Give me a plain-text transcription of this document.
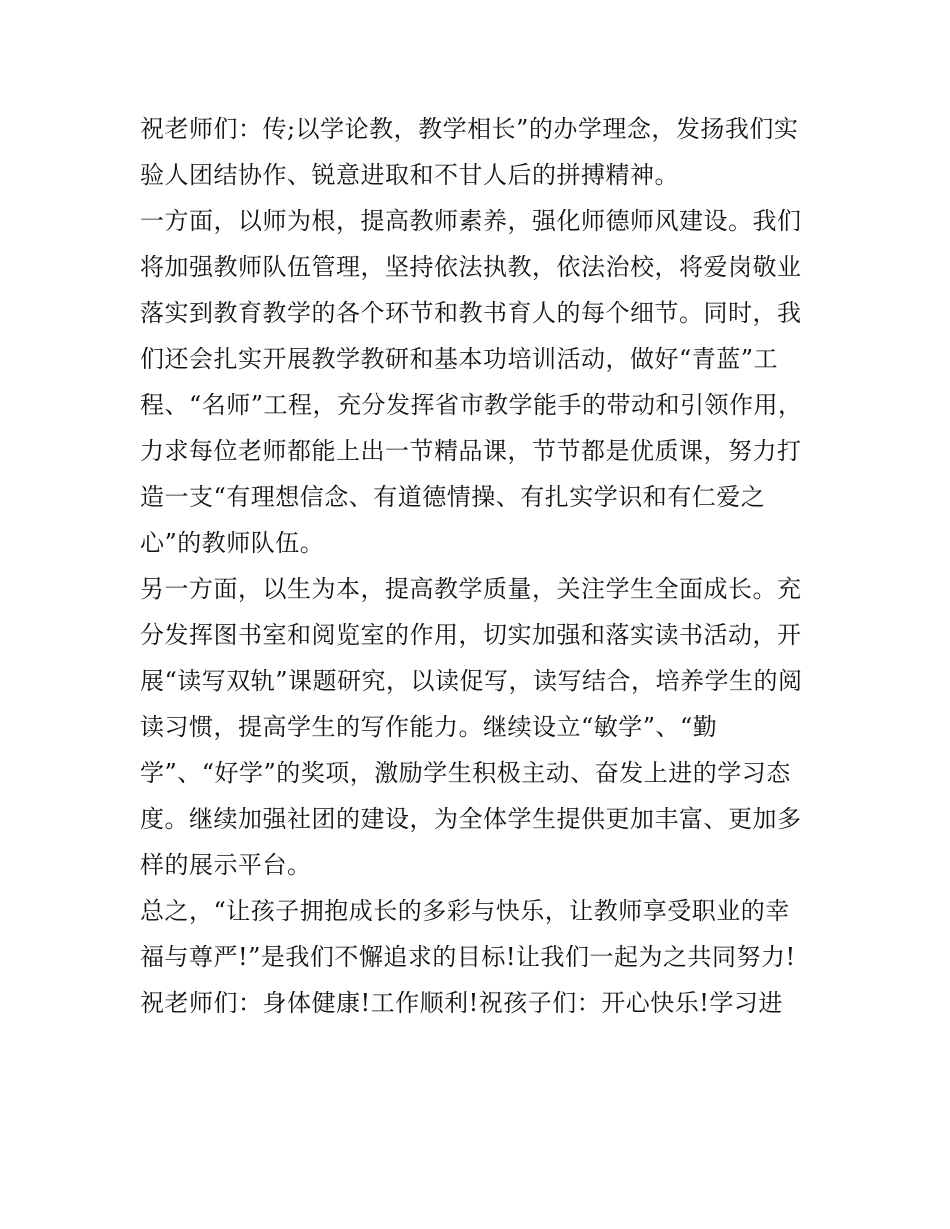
祝老师们：传;以学论教，教学相长”的办学理念，发扬我们实
验人团结协作、锐意进取和不甘人后的拼搏精神。
一方面，以师为根，提高教师素养，强化师德师风建设。我们
将加强教师队伍管理，坚持依法执教，依法治校，将爱岗敬业
落实到教育教学的各个环节和教书育人的每个细节。同时，我
们还会扎实开展教学教研和基本功培训活动，做好“青蓝”工
程、“名师”工程，充分发挥省市教学能手的带动和引领作用，
力求每位老师都能上出一节精品课，节节都是优质课，努力打
造一支“有理想信念、有道德情操、有扎实学识和有仁爱之
心”的教师队伍。
另一方面，以生为本，提高教学质量，关注学生全面成长。充
分发挥图书室和阅览室的作用，切实加强和落实读书活动，开
展“读写双轨”课题研究，以读促写，读写结合，培养学生的阅
读习惯，提高学生的写作能力。继续设立“敏学”、“勤
学”、“好学”的奖项，激励学生积极主动、奋发上进的学习态
度。继续加强社团的建设，为全体学生提供更加丰富、更加多
样的展示平台。
总之，“让孩子拥抱成长的多彩与快乐，让教师享受职业的幸
福与尊严!”是我们不懈追求的目标!让我们一起为之共同努力!
祝老师们：身体健康!工作顺利!祝孩子们：开心快乐!学习进
